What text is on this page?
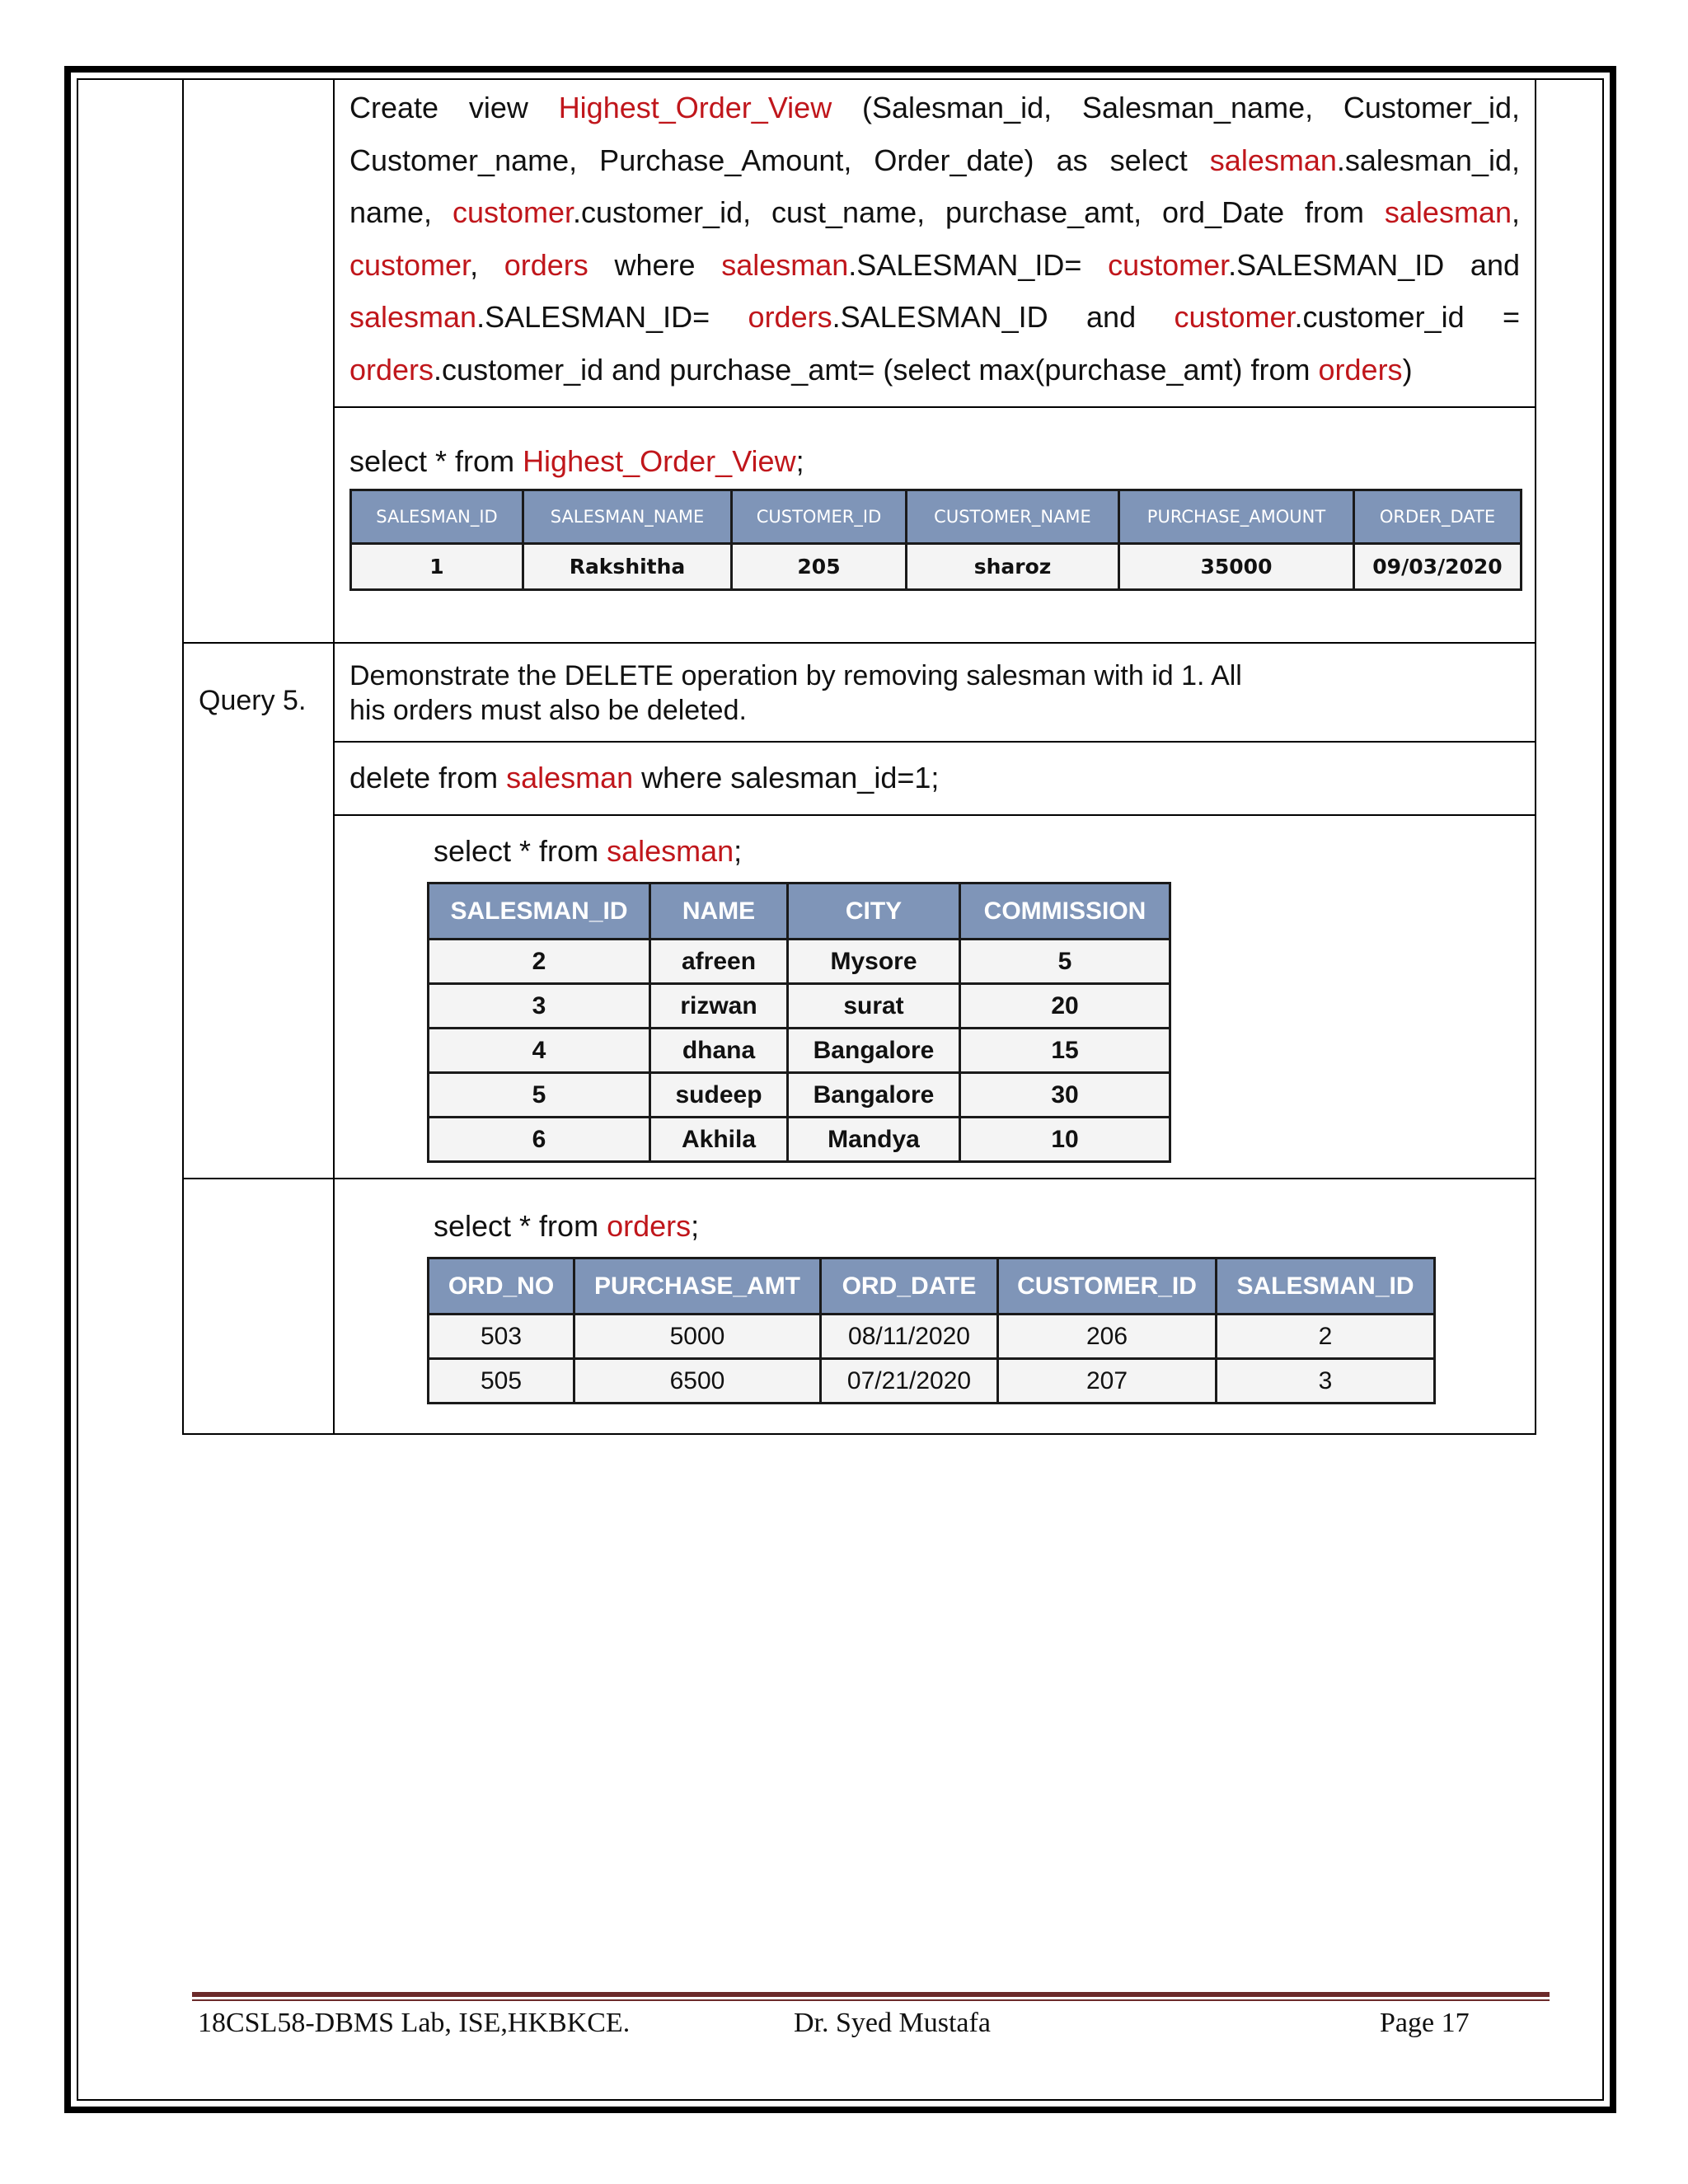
Create view Highest_Order_View (Salesman_id, Salesman_name, Customer_id, Customer_name, Purchase_Amount, Order_date) as select salesman.salesman_id, name, customer.customer_id, cust_name, purchase_amt, ord_Date from salesman, customer, orders where salesman.SALESMAN_ID= customer.SALESMAN_ID and salesman.SALESMAN_ID= orders.SALESMAN_ID and customer.customer_id = orders.customer_id and purchase_amt= (select max(purchase_amt) from orders)
select * from Highest_Order_View;
SALESMAN_ID	SALESMAN_NAME	CUSTOMER_ID	CUSTOMER_NAME	PURCHASE_AMOUNT	ORDER_DATE
1	Rakshitha	205	sharoz	35000	09/03/2020
Query 5.
Demonstrate the DELETE operation by removing salesman with id 1. All
his orders must also be deleted.
delete from salesman where salesman_id=1;
select * from salesman;
SALESMAN_ID	NAME	CITY	COMMISSION
2	afreen	Mysore	5
3	rizwan	surat	20
4	dhana	Bangalore	15
5	sudeep	Bangalore	30
6	Akhila	Mandya	10
select * from orders;
ORD_NO	PURCHASE_AMT	ORD_DATE	CUSTOMER_ID	SALESMAN_ID
503	5000	08/11/2020	206	2
505	6500	07/21/2020	207	3
18CSL58-DBMS Lab, ISE,HKBKCE.	Dr. Syed Mustafa	Page 17
